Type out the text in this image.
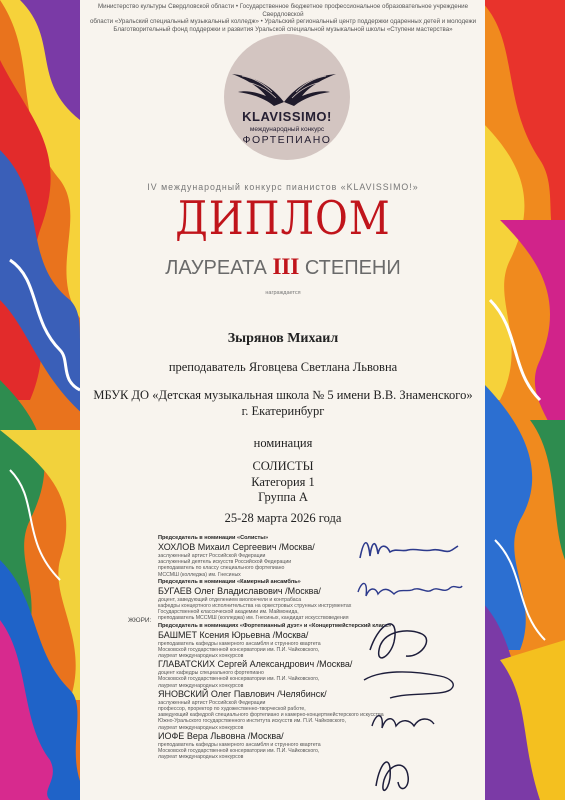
Министерство культуры Свердловской области • Государственное бюджетное профессиональное образовательное учреждение Свердловской
области «Уральский специальный музыкальный колледж» • Уральский региональный центр поддержки одаренных детей и молодежи
Благотворительный фонд поддержки и развития Уральской специальной музыкальной школы «Ступени мастерства»
KLAVISSIMO!
международный конкурс
ФОРТЕПИАНО
IV международный конкурс пианистов «KLAVISSIMO!»
ДИПЛОМ
ЛАУРЕАТА III СТЕПЕНИ
награждается
Зырянов Михаил
преподаватель Яговцева Светлана Львовна
МБУК ДО «Детская музыкальная школа № 5 имени В.В. Знаменского»
г. Екатеринбург
номинация
СОЛИСТЫ
Категория 1
Группа А
25-28 марта 2026 года
ЖЮРИ:
Председатель в номинации «Солисты»
ХОХЛОВ Михаил Сергеевич /Москва/
заслуженный артист Российской Федерации
заслуженный деятель искусств Российской Федерации
преподаватель по классу специального фортепиано
МССМШ (колледжа) им. Гнесиных
Председатель в номинации «Камерный ансамбль»
БУГАЕВ Олег Владиславович /Москва/
доцент, заведующий отделением виолончели и контрабаса
кафедры концертного исполнительства на оркестровых струнных инструментах
Государственной классической академии им. Маймонида,
преподаватель МССМШ (колледжа) им. Гнесиных, кандидат искусствоведения
Председатель в номинациях «Фортепианный дуэт» и «Концертмейстерский класс»
БАШМЕТ Ксения Юрьевна /Москва/
преподаватель кафедры камерного ансамбля и струнного квартета
Московской государственной консерватории им. П.И. Чайковского,
лауреат международных конкурсов
ГЛАВАТСКИХ Сергей Александрович /Москва/
доцент кафедры специального фортепиано
Московской государственной консерватории им. П.И. Чайковского,
лауреат международных конкурсов
ЯНОВСКИЙ Олег Павлович /Челябинск/
заслуженный артист Российской Федерации
профессор, проректор по художественно-творческой работе,
заведующий кафедрой специального фортепиано и камерно-концертмейстерского искусства
Южно-Уральского государственного института искусств им. П.И. Чайковского,
лауреат международных конкурсов
ИОФЕ Вера Львовна /Москва/
преподаватель кафедры камерного ансамбля и струнного квартета
Московской государственной консерватории им. П.И. Чайковского,
лауреат международных конкурсов
